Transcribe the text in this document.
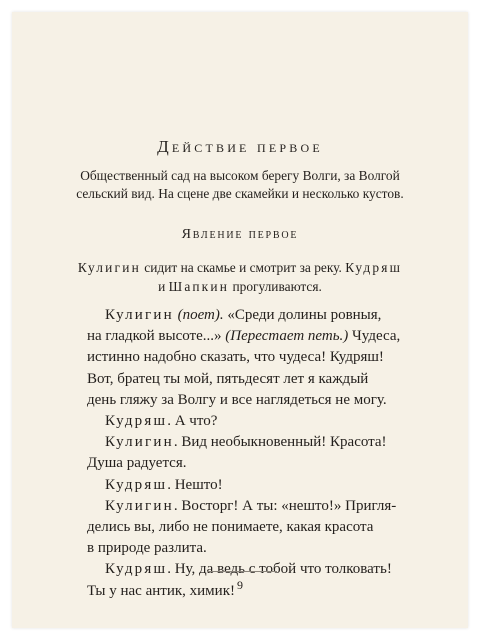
Действие первое
Общественный сад на высоком берегу Волги, за Волгой
сельский вид. На сцене две скамейки и несколько кустов.
Явление первое
Кулигин сидит на скамье и смотрит за реку. Кудряш
и Шапкин прогуливаются.

Кулигин (поет). «Среди долины ровныя,

на гладкой высоте...» (Перестает петь.) Чудеса,

истинно надобно сказать, что чудеса! Кудряш!

Вот, братец ты мой, пятьдесят лет я каждый

день гляжу за Волгу и все наглядеться не могу.

Кудряш. А что?

Кулигин. Вид необыкновенный! Красота!

Душа радуется.

Кудряш. Нешто!

Кулигин. Восторг! А ты: «нешто!» Пригля-

делись вы, либо не понимаете, какая красота

в природе разлита.

Кудряш. Ну, да ведь с тобой что толковать!

Ты у нас антик, химик! 9
